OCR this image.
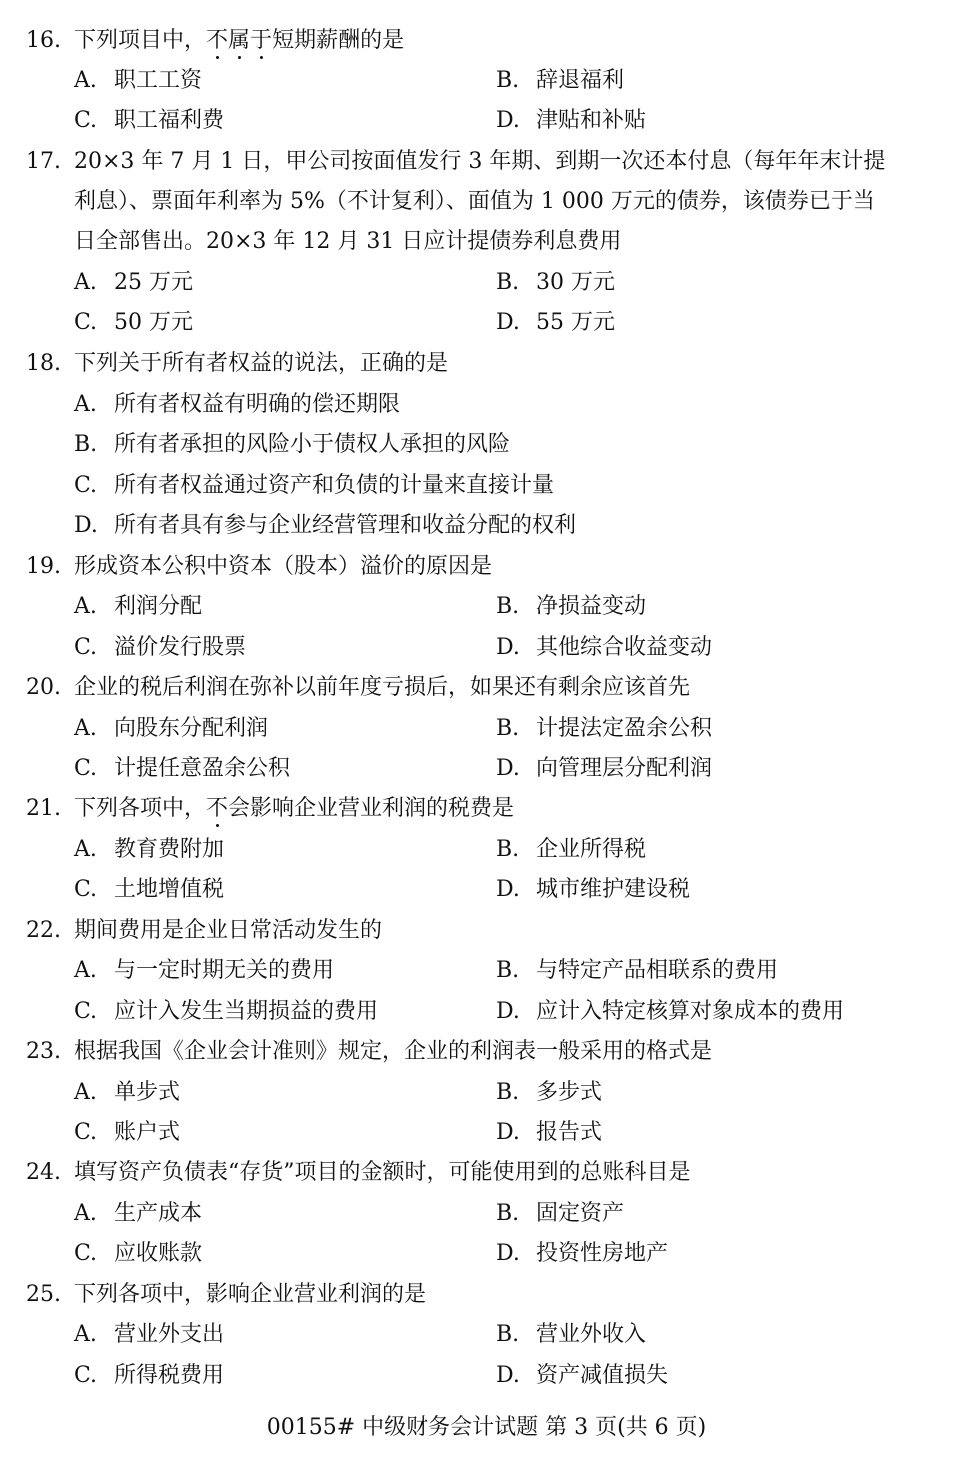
16. 下列项目中，不属于短期薪酬的是
A. 职工工资	B. 辞退福利
C. 职工福利费	D. 津贴和补贴
17. 20×3 年 7 月 1 日，甲公司按面值发行 3 年期、到期一次还本付息（每年年末计提
利息）、票面年利率为 5%（不计复利）、面值为 1 000 万元的债券，该债券已于当
日全部售出。20×3 年 12 月 31 日应计提债券利息费用
A. 25 万元	B. 30 万元
C. 50 万元	D. 55 万元
18. 下列关于所有者权益的说法，正确的是
A. 所有者权益有明确的偿还期限
B. 所有者承担的风险小于债权人承担的风险
C. 所有者权益通过资产和负债的计量来直接计量
D. 所有者具有参与企业经营管理和收益分配的权利
19. 形成资本公积中资本（股本）溢价的原因是
A. 利润分配	B. 净损益变动
C. 溢价发行股票	D. 其他综合收益变动
20. 企业的税后利润在弥补以前年度亏损后，如果还有剩余应该首先
A. 向股东分配利润	B. 计提法定盈余公积
C. 计提任意盈余公积	D. 向管理层分配利润
21. 下列各项中，不会影响企业营业利润的税费是
A. 教育费附加	B. 企业所得税
C. 土地增值税	D. 城市维护建设税
22. 期间费用是企业日常活动发生的
A. 与一定时期无关的费用	B. 与特定产品相联系的费用
C. 应计入发生当期损益的费用	D. 应计入特定核算对象成本的费用
23. 根据我国《企业会计准则》规定，企业的利润表一般采用的格式是
A. 单步式	B. 多步式
C. 账户式	D. 报告式
24. 填写资产负债表“存货”项目的金额时，可能使用到的总账科目是
A. 生产成本	B. 固定资产
C. 应收账款	D. 投资性房地产
25. 下列各项中，影响企业营业利润的是
A. 营业外支出	B. 营业外收入
C. 所得税费用	D. 资产减值损失
00155# 中级财务会计试题 第 3 页(共 6 页)
